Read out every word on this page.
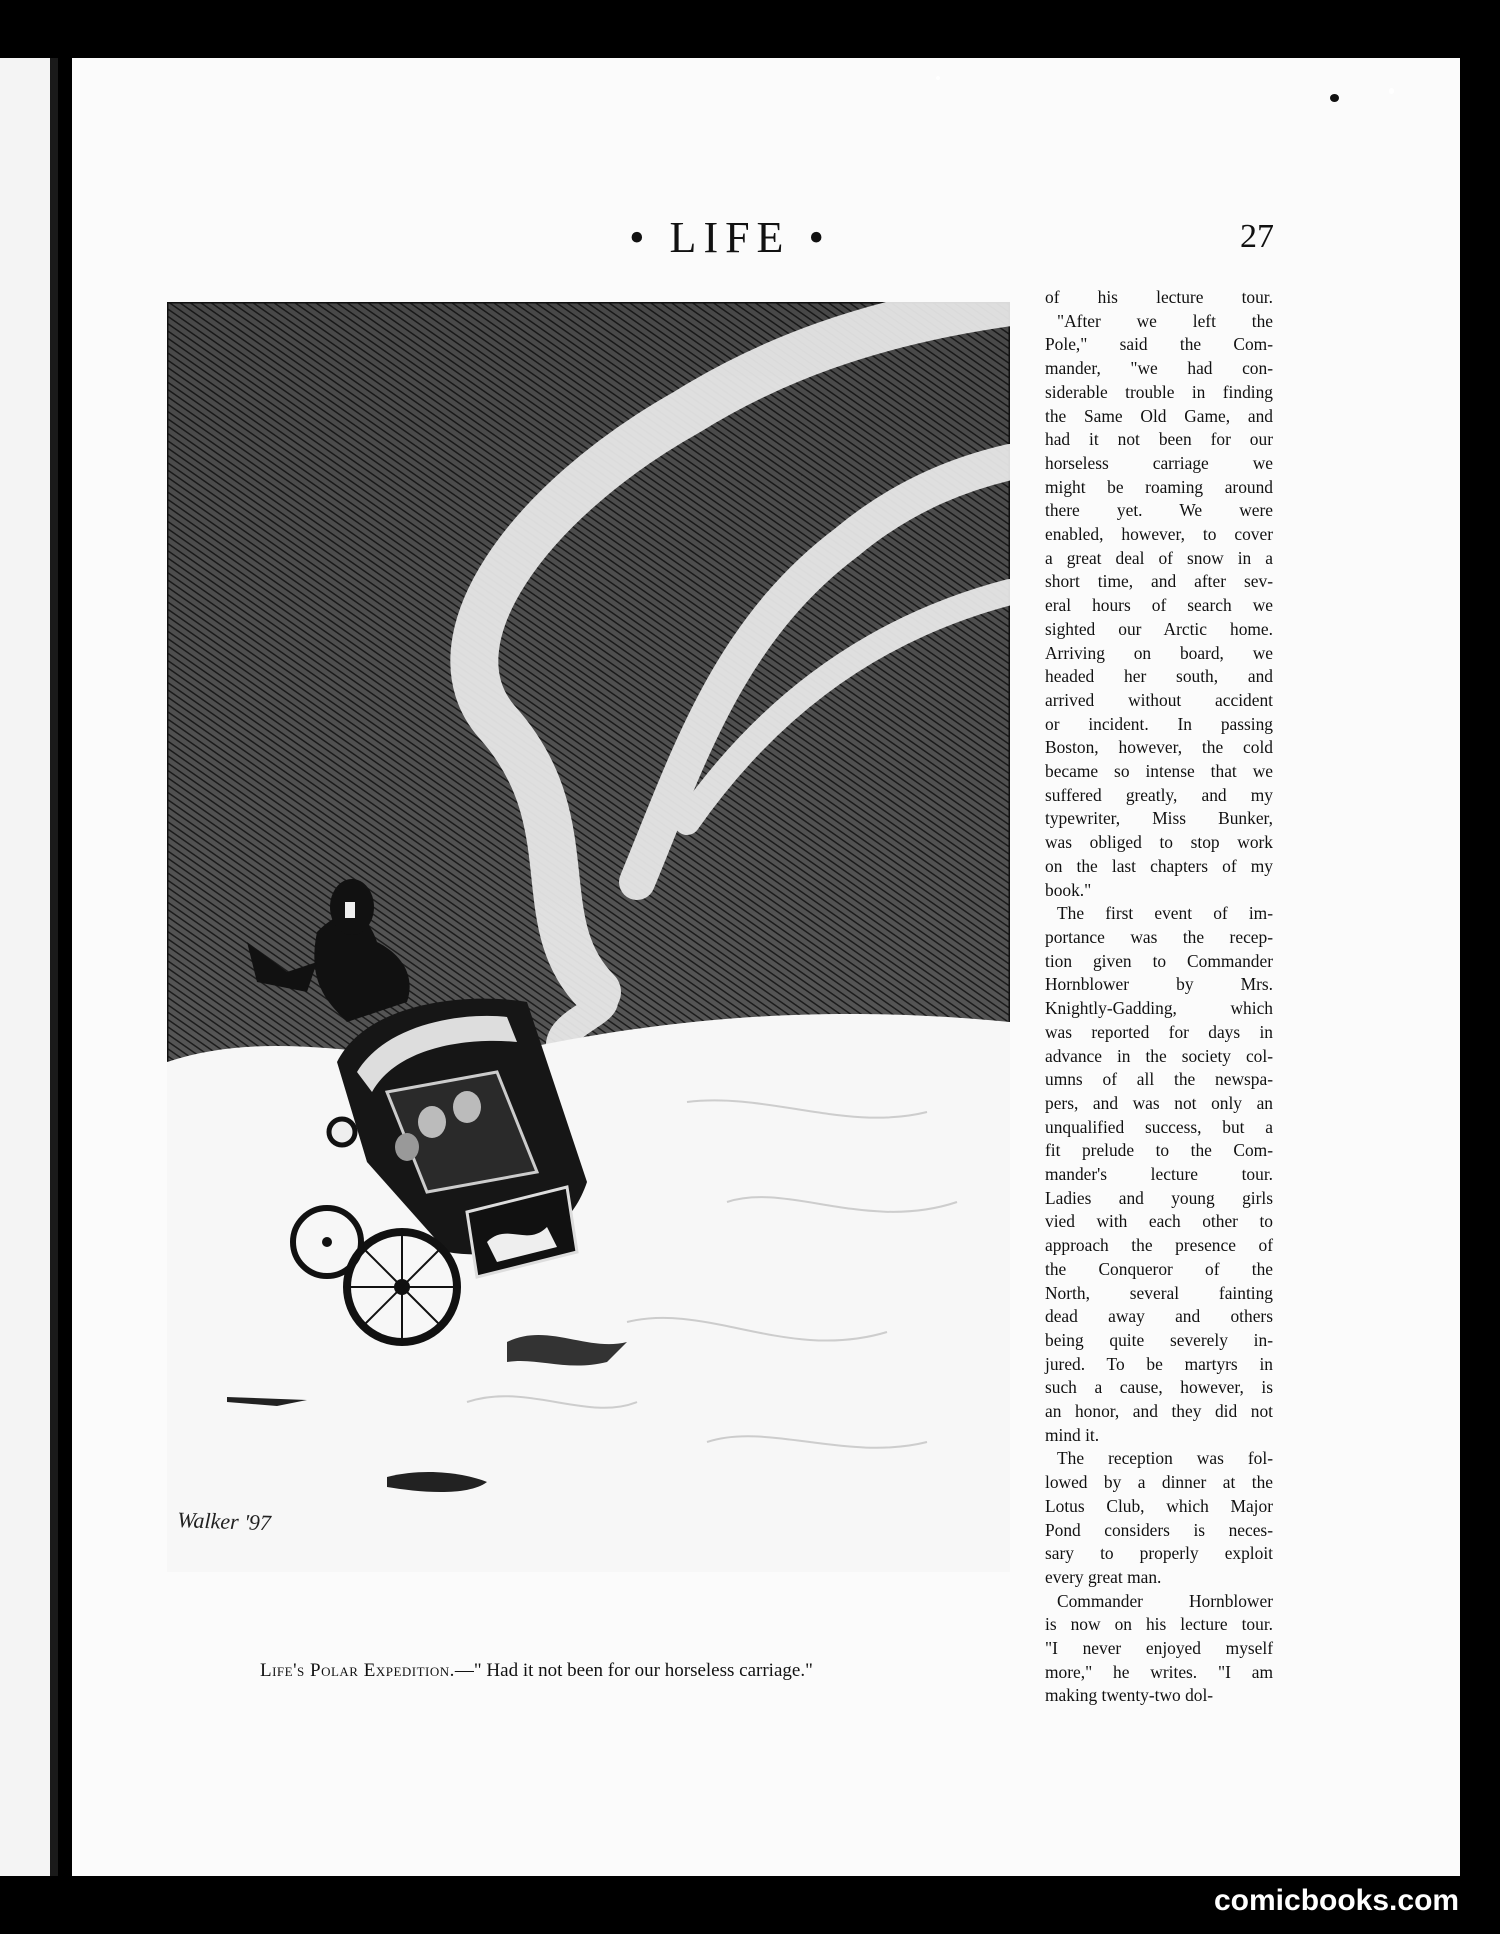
• LIFE •	27
Walker '97
Life's Polar Expedition.—" Had it not been for our horseless carriage."
of his lecture tour.
"After we left the
Pole," said the Com-
mander, "we had con-
siderable trouble in finding
the Same Old Game, and
had it not been for our
horseless carriage we
might be roaming around
there yet. We were
enabled, however, to cover
a great deal of snow in a
short time, and after sev-
eral hours of search we
sighted our Arctic home.
Arriving on board, we
headed her south, and
arrived without accident
or incident. In passing
Boston, however, the cold
became so intense that we
suffered greatly, and my
typewriter, Miss Bunker,
was obliged to stop work
on the last chapters of my
book."
The first event of im-
portance was the recep-
tion given to Commander
Hornblower by Mrs.
Knightly-Gadding, which
was reported for days in
advance in the society col-
umns of all the newspa-
pers, and was not only an
unqualified success, but a
fit prelude to the Com-
mander's lecture tour.
Ladies and young girls
vied with each other to
approach the presence of
the Conqueror of the
North, several fainting
dead away and others
being quite severely in-
jured. To be martyrs in
such a cause, however, is
an honor, and they did not
mind it.
The reception was fol-
lowed by a dinner at the
Lotus Club, which Major
Pond considers is neces-
sary to properly exploit
every great man.
Commander Hornblower
is now on his lecture tour.
"I never enjoyed myself
more," he writes. "I am
making twenty-two dol-
comicbooks.com
